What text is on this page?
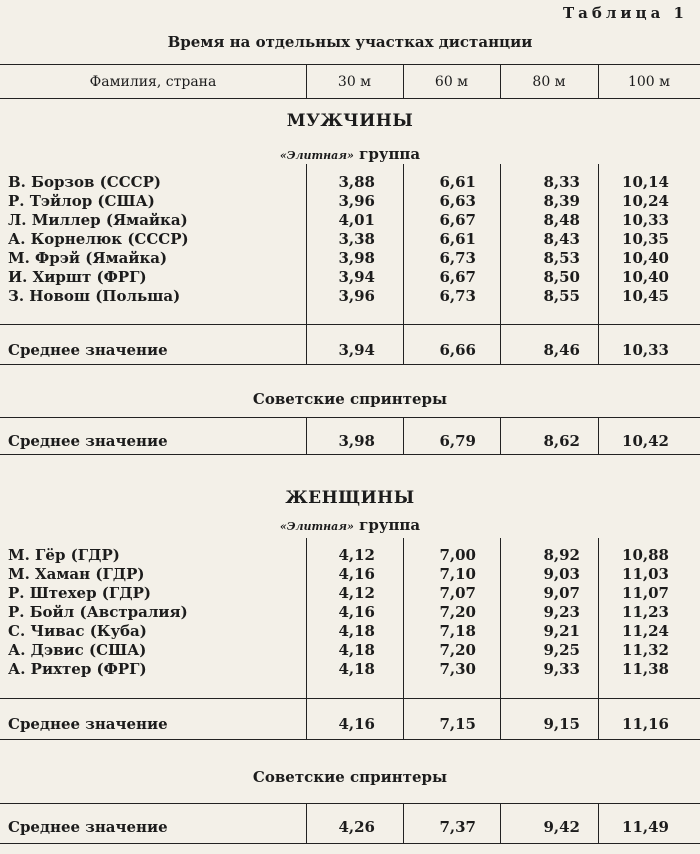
Таблица 1
Время на отдельных участках дистанции
Фамилия, страна	30 м	60 м	80 м	100 м
МУЖЧИНЫ
«Элитная» группа
В. Борзов (СССР)	3,88	6,61	8,33	10,14
Р. Тэйлор (США)	3,96	6,63	8,39	10,24
Л. Миллер (Ямайка)	4,01	6,67	8,48	10,33
А. Корнелюк (СССР)	3,38	6,61	8,43	10,35
М. Фрэй (Ямайка)	3,98	6,73	8,53	10,40
И. Хиршт (ФРГ)	3,94	6,67	8,50	10,40
З. Новош (Польша)	3,96	6,73	8,55	10,45
Среднее значение	3,94	6,66	8,46	10,33
Советские спринтеры
Среднее значение	3,98	6,79	8,62	10,42
ЖЕНЩИНЫ
«Элитная» группа
М. Гёр (ГДР)	4,12	7,00	8,92	10,88
М. Хаман (ГДР)	4,16	7,10	9,03	11,03
Р. Штехер (ГДР)	4,12	7,07	9,07	11,07
Р. Бойл (Австралия)	4,16	7,20	9,23	11,23
С. Чивас (Куба)	4,18	7,18	9,21	11,24
А. Дэвис (США)	4,18	7,20	9,25	11,32
А. Рихтер (ФРГ)	4,18	7,30	9,33	11,38
Среднее значение	4,16	7,15	9,15	11,16
Советские спринтеры
Среднее значение	4,26	7,37	9,42	11,49
